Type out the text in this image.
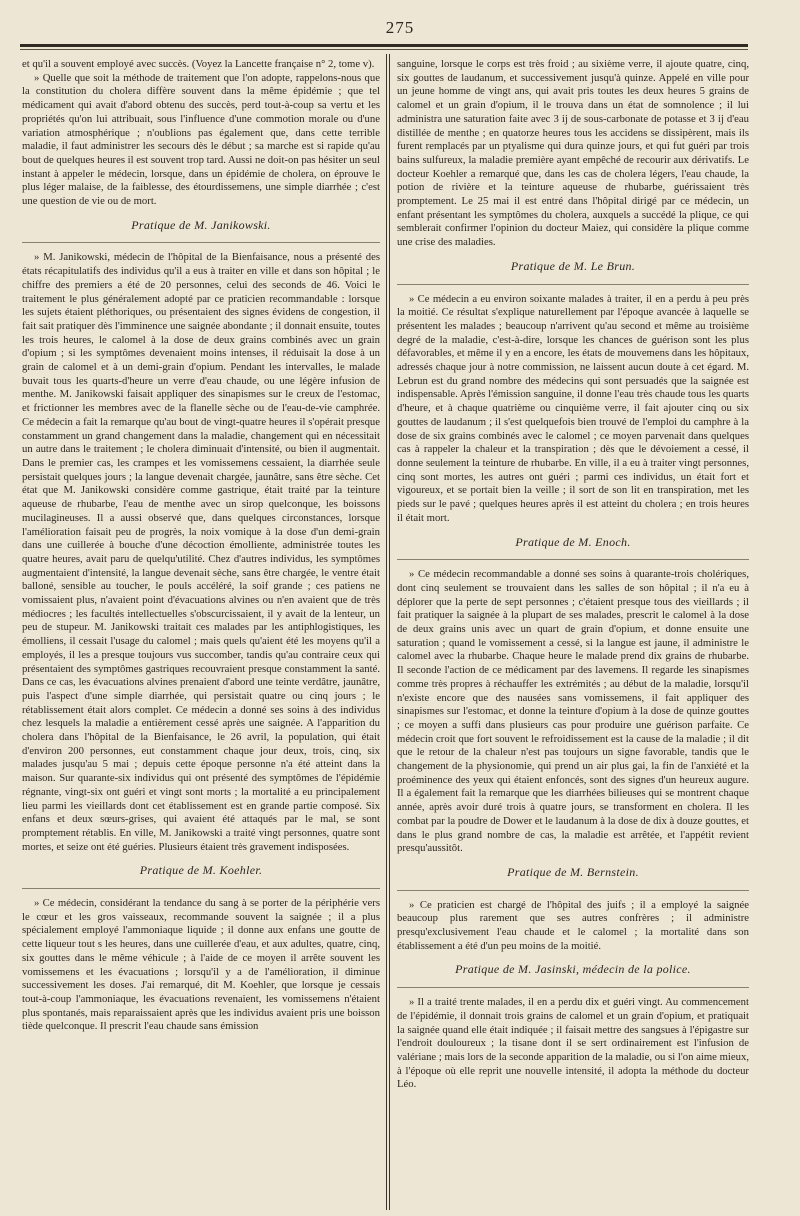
275

et qu'il a souvent employé avec succès. (Voyez la Lancette française n° 2, tome v).

» Quelle que soit la méthode de traitement que l'on adopte, rappelons-nous que la constitution du cholera diffère souvent dans la même épidémie ; que tel médicament qui avait d'abord obtenu des succès, perd tout-à-coup sa vertu et les propriétés qu'on lui attribuait, sous l'influence d'une commotion morale ou d'une variation atmosphérique ; n'oublions pas également que, dans cette terrible maladie, il faut administrer les secours dès le début ; sa marche est si rapide qu'au bout de quelques heures il est souvent trop tard. Aussi ne doit-on pas hésiter un seul instant à appeler le médecin, lorsque, dans un épidémie de cholera, on éprouve le plus léger malaise, de la faiblesse, des étourdissemens, une simple diarrhée ; c'est une question de vie ou de mort.

Pratique de M. Janikowski.

» M. Janikowski, médecin de l'hôpital de la Bienfaisance, nous a présenté des états récapitulatifs des individus qu'il a eus à traiter en ville et dans son hôpital ; le chiffre des premiers a été de 20 personnes, celui des seconds de 46. Voici le traitement le plus généralement adopté par ce praticien recommandable : lorsque les sujets étaient pléthoriques, ou présentaient des signes évidens de congestion, il fait sait pratiquer dès l'imminence une saignée abondante ; il donnait ensuite, toutes les trois heures, le calomel à la dose de deux grains combinés avec un grain d'opium ; si les symptômes devenaient moins intenses, il réduisait la dose à un grain de calomel et à un demi-grain d'opium. Pendant les intervalles, le malade buvait tous les quarts-d'heure un verre d'eau chaude, ou une légère infusion de menthe. M. Janikowski faisait appliquer des sinapismes sur le creux de l'estomac, et frictionner les membres avec de la flanelle sèche ou de l'eau-de-vie camphrée. Ce médecin a fait la remarque qu'au bout de vingt-quatre heures il s'opérait presque constamment un grand changement dans la maladie, changement qui en nécessitait un autre dans le traitement ; le cholera diminuait d'intensité, ou bien il augmentait. Dans le premier cas, les crampes et les vomissemens cessaient, la diarrhée seule persistait quelques jours ; la langue devenait chargée, jaunâtre, sans être sèche. Cet état que M. Janikowski considère comme gastrique, était traité par la teinture aqueuse de rhubarbe, l'eau de menthe avec un sirop quelconque, les boissons mucilagineuses. Il a aussi observé que, dans quelques circonstances, lorsque l'amélioration faisait peu de progrès, la noix vomique à la dose d'un demi-grain dans une cuillerée à bouche d'une décoction émolliente, administrée toutes les quatre heures, avait paru de quelqu'utilité. Chez d'autres individus, les symptômes augmentaient d'intensité, la langue devenait sèche, sans être chargée, le ventre était balloné, sensible au toucher, le pouls accéléré, la soif grande ; ces patiens ne vomissaient plus, n'avaient point d'évacuations alvines ou n'en avaient que de très médiocres ; les facultés intellectuelles s'obscurcissaient, il y avait de la lenteur, un peu de stupeur. M. Janikowski traitait ces malades par les antiphlogistiques, les émolliens, il cessait l'usage du calomel ; mais quels qu'aient été les moyens qu'il a employés, il les a presque toujours vus succomber, tandis qu'au contraire ceux qui présentaient des symptômes gastriques recouvraient presque constamment la santé. Dans ce cas, les évacuations alvines prenaient d'abord une teinte verdâtre, jaunâtre, puis l'aspect d'une simple diarrhée, qui persistait quatre ou cinq jours ; le rétablissement était alors complet. Ce médecin a donné ses soins à des individus chez lesquels la maladie a entièrement cessé après une saignée. A l'apparition du cholera dans l'hôpital de la Bienfaisance, le 26 avril, la population, qui était d'environ 200 personnes, eut constamment chaque jour deux, trois, cinq, six malades jusqu'au 5 mai ; depuis cette époque personne n'a été atteint dans la maison. Sur quarante-six individus qui ont présenté des symptômes de l'épidémie régnante, vingt-six ont guéri et vingt sont morts ; la mortalité a eu principalement lieu parmi les vieillards dont cet établissement est en grande partie composé. Six enfans et deux sœurs-grises, qui avaient été attaqués par le mal, se sont promptement rétablis. En ville, M. Janikowski a traité vingt personnes, quatre sont mortes, et seize ont été guéries. Plusieurs étaient très gravement indisposées.

Pratique de M. Koehler.

» Ce médecin, considérant la tendance du sang à se porter de la périphérie vers le cœur et les gros vaisseaux, recommande souvent la saignée ; il a plus spécialement employé l'ammoniaque liquide ; il donne aux enfans une goutte de cette liqueur tout s les heures, dans une cuillerée d'eau, et aux adultes, quatre, cinq, six gouttes dans le même véhicule ; à l'aide de ce moyen il arrête souvent les vomissemens et les évacuations ; lorsqu'il y a de l'amélioration, il diminue successivement les doses. J'ai remarqué, dit M. Koehler, que lorsque je cessais tout-à-coup l'ammoniaque, les évacuations revenaient, les vomissemens n'étaient plus spontanés, mais reparaissaient après que les individus avaient pris une boisson tiède quelconque. Il prescrit l'eau chaude sans émission

sanguine, lorsque le corps est très froid ; au sixième verre, il ajoute quatre, cinq, six gouttes de laudanum, et successivement jusqu'à quinze. Appelé en ville pour un jeune homme de vingt ans, qui avait pris toutes les deux heures 5 grains de calomel et un grain d'opium, il le trouva dans un état de somnolence ; il lui administra une saturation faite avec 3 ij de sous-carbonate de potasse et 3 ij d'eau distillée de menthe ; en quatorze heures tous les accidens se dissipèrent, mais ils furent remplacés par un ptyalisme qui dura quinze jours, et qui fut guéri par trois bains sulfureux, la maladie première ayant empêché de recourir aux dérivatifs. Le docteur Koehler a remarqué que, dans les cas de cholera légers, l'eau chaude, la potion de rivière et la teinture aqueuse de rhubarbe, guérissaient très promptement. Le 25 mai il est entré dans l'hôpital dirigé par ce médecin, un enfant présentant les symptômes du cholera, auxquels a succédé la plique, ce qui semblerait confirmer l'opinion du docteur Maiez, qui considère la plique comme une crise des maladies.

Pratique de M. Le Brun.

» Ce médecin a eu environ soixante malades à traiter, il en a perdu à peu près la moitié. Ce résultat s'explique naturellement par l'époque avancée à laquelle se présentent les malades ; beaucoup n'arrivent qu'au second et même au troisième degré de la maladie, c'est-à-dire, lorsque les chances de guérison sont les plus défavorables, et même il y en a encore, les états de mouvemens dans les hôpitaux, adressés chaque jour à notre commission, ne laissent aucun doute à cet égard. M. Lebrun est du grand nombre des médecins qui sont persuadés que la saignée est indispensable. Après l'émission sanguine, il donne l'eau très chaude tous les quarts d'heure, et à chaque quatrième ou cinquième verre, il fait ajouter cinq ou six gouttes de laudanum ; il s'est quelquefois bien trouvé de l'emploi du camphre à la dose de six grains combinés avec le calomel ; ce moyen parvenait dans quelques cas à rappeler la chaleur et la transpiration ; dès que le dévoiement a cessé, il donne seulement la teinture de rhubarbe. En ville, il a eu à traiter vingt personnes, cinq sont mortes, les autres ont guéri ; parmi ces individus, un était fort et vigoureux, et se portait bien la veille ; il sort de son lit en transpiration, met les pieds sur le pavé ; quelques heures après il est atteint du cholera ; en trois heures il était mort.

Pratique de M. Enoch.

» Ce médecin recommandable a donné ses soins à quarante-trois cholériques, dont cinq seulement se trouvaient dans les salles de son hôpital ; il n'a eu à déplorer que la perte de sept personnes ; c'étaient presque tous des vieillards ; il fait pratiquer la saignée à la plupart de ses malades, prescrit le calomel à la dose de deux grains unis avec un quart de grain d'opium, et donne ensuite une saturation ; quand le vomissement a cessé, si la langue est jaune, il administre le calomel avec la rhubarbe. Chaque heure le malade prend dix grains de rhubarbe. Il seconde l'action de ce médicament par des lavemens. Il regarde les sinapismes comme très propres à réchauffer les extrémités ; au début de la maladie, lorsqu'il n'existe encore que des nausées sans vomissemens, il fait appliquer des sinapismes sur l'estomac, et donne la teinture d'opium à la dose de quinze gouttes ; ce moyen a suffi dans plusieurs cas pour produire une guérison parfaite. Ce médecin croit que fort souvent le refroidissement est la cause de la maladie ; il dit que le retour de la chaleur n'est pas toujours un signe favorable, tandis que le changement de la physionomie, qui prend un air plus gai, la fin de l'anxiété et la proéminence des yeux qui étaient enfoncés, sont des signes d'un heureux augure. Il a également fait la remarque que les diarrhées bilieuses qui se montrent chaque année, après avoir duré trois à quatre jours, se transforment en cholera. Il les combat par la poudre de Dower et le laudanum à la dose de dix à douze gouttes, et dans le plus grand nombre de cas, la maladie est arrêtée, et l'appétit revient presqu'aussitôt.

Pratique de M. Bernstein.

» Ce praticien est chargé de l'hôpital des juifs ; il a employé la saignée beaucoup plus rarement que ses autres confrères ; il administre presqu'exclusivement l'eau chaude et le calomel ; la mortalité dans son établissement a été d'un peu moins de la moitié.

Pratique de M. Jasinski, médecin de la police.

» Il a traité trente malades, il en a perdu dix et guéri vingt. Au commencement de l'épidémie, il donnait trois grains de calomel et un grain d'opium, et pratiquait la saignée quand elle était indiquée ; il faisait mettre des sangsues à l'épigastre sur l'endroit douloureux ; la tisane dont il se sert ordinairement est l'infusion de valériane ; mais lors de la seconde apparition de la maladie, ou si l'on aime mieux, à l'époque où elle reprit une nouvelle intensité, il adopta la méthode du docteur Léo.
